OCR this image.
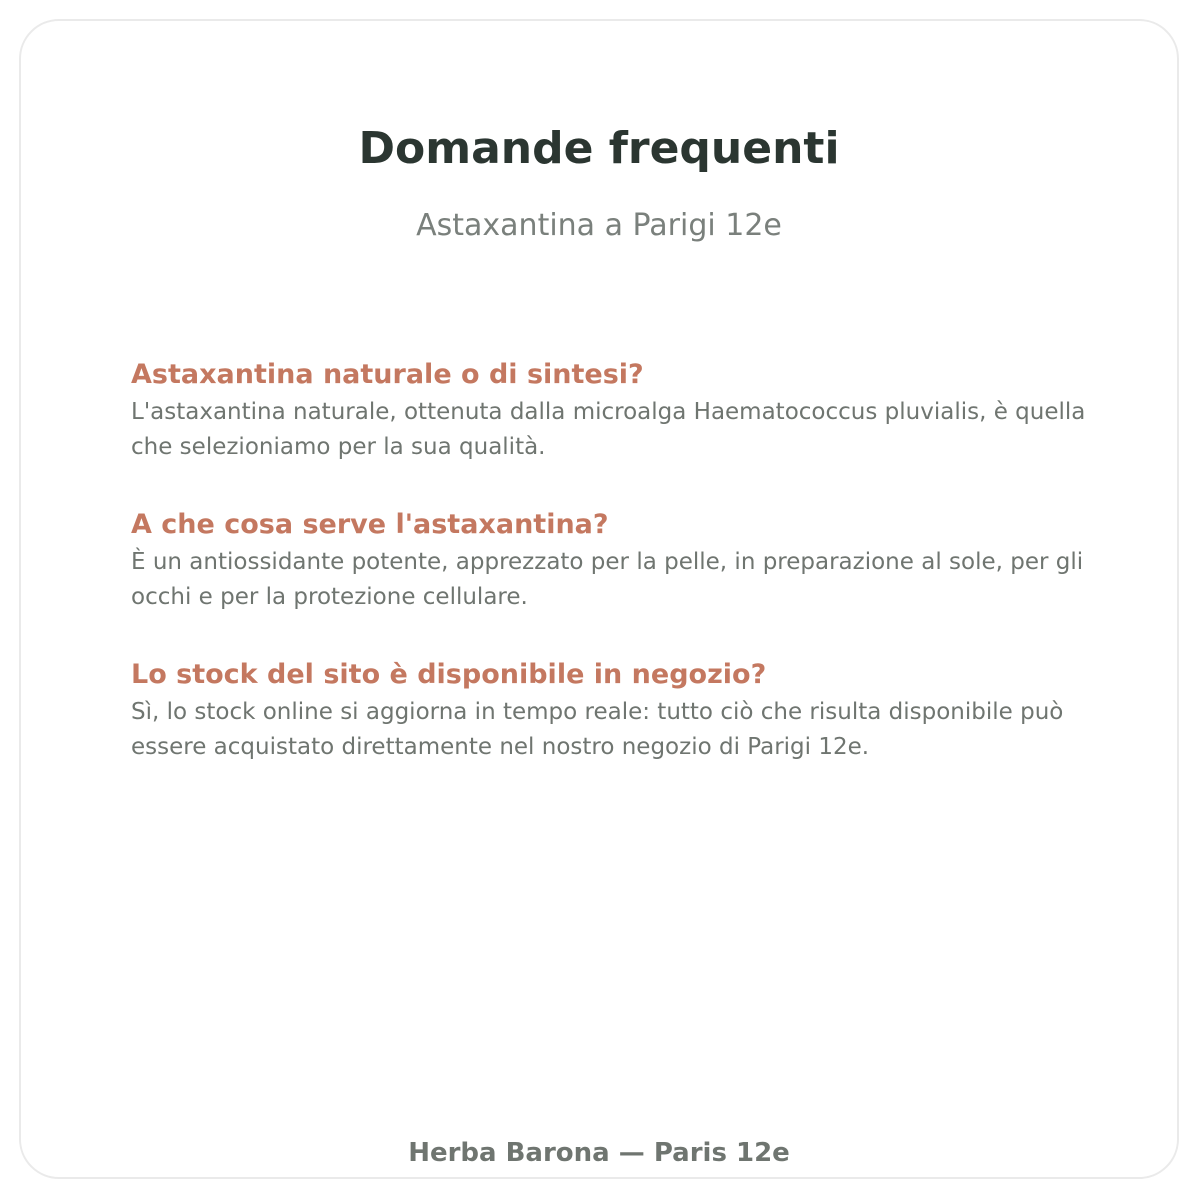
Domande frequenti

Astaxantina a Parigi 12e

Astaxantina naturale o di sintesi?

L'astaxantina naturale, ottenuta dalla microalga Haematococcus pluvialis, è quella che selezioniamo per la sua qualità.

A che cosa serve l'astaxantina?

È un antiossidante potente, apprezzato per la pelle, in preparazione al sole, per gli occhi e per la protezione cellulare.

Lo stock del sito è disponibile in negozio?

Sì, lo stock online si aggiorna in tempo reale: tutto ciò che risulta disponibile può essere acquistato direttamente nel nostro negozio di Parigi 12e.

Herba Barona — Paris 12e
